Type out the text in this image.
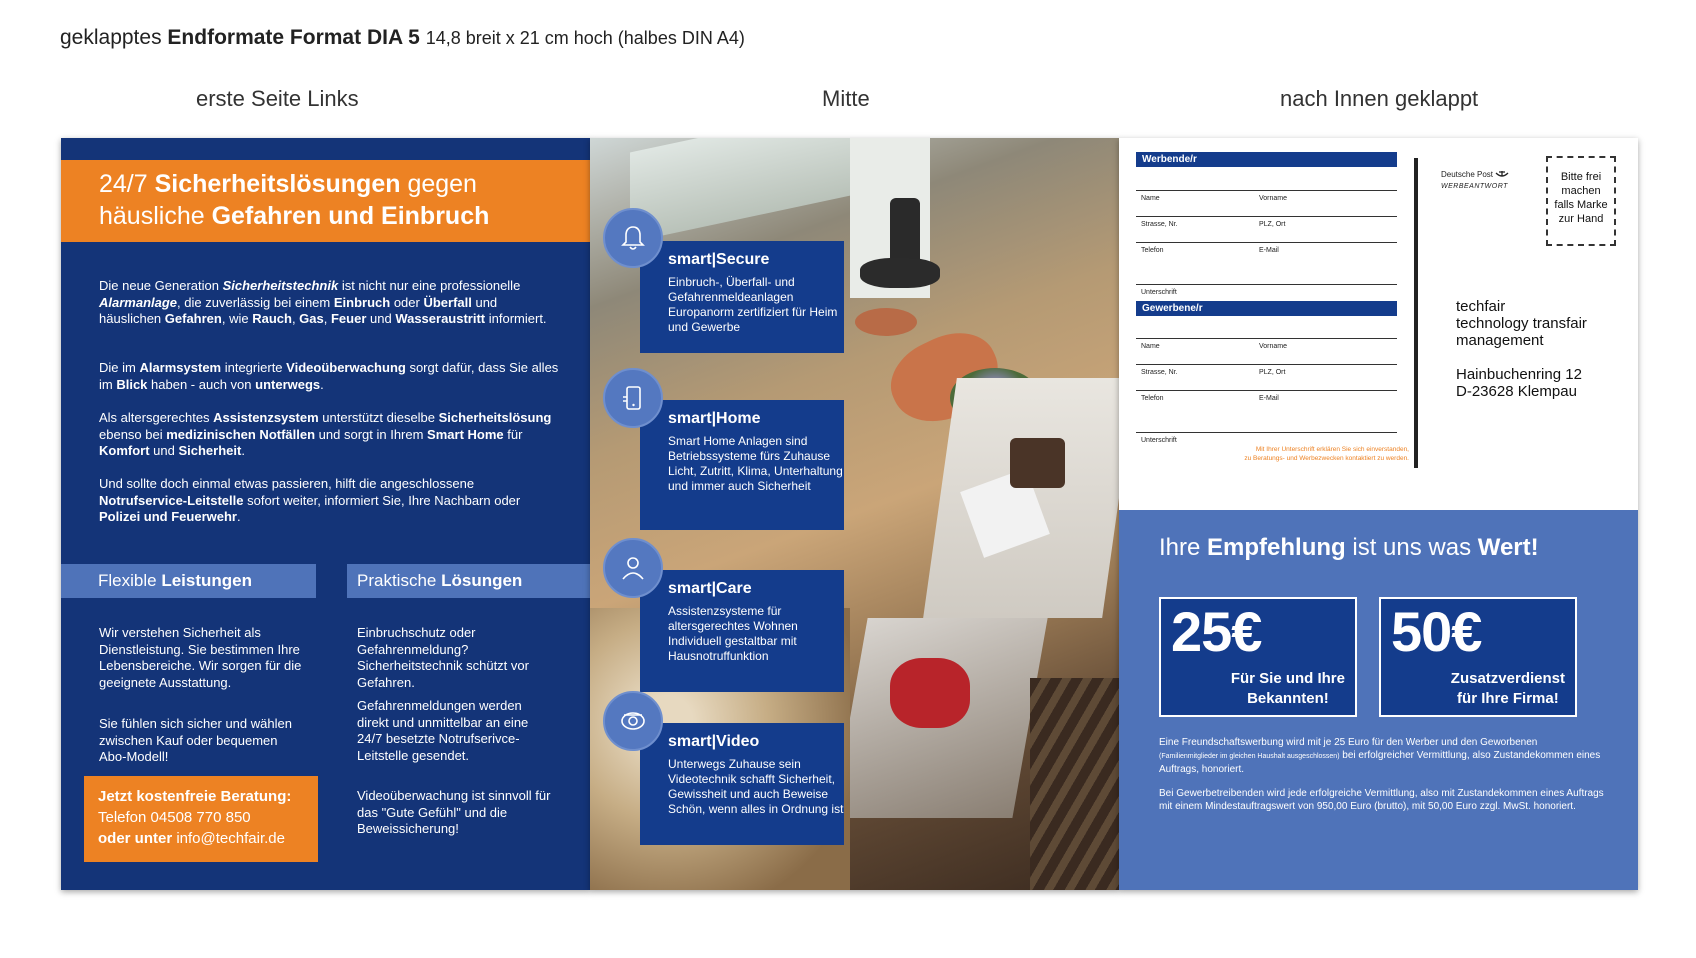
geklapptes Endformate Format DIA 5 14,8 breit x 21 cm hoch (halbes DIN A4)
erste Seite Links	Mitte	nach Innen geklappt
24/7 Sicherheitslösungen gegen
häusliche Gefahren und Einbruch
Die neue Generation Sicherheitstechnik ist nicht nur eine professionelle Alarmanlage, die zuverlässig bei einem Einbruch oder Überfall und häuslichen Gefahren, wie Rauch, Gas, Feuer und Wasseraustritt informiert.
Die im Alarmsystem integrierte Videoüberwachung sorgt dafür, dass Sie alles im Blick haben - auch von unterwegs.
Als altersgerechtes Assistenzsystem unterstützt dieselbe Sicherheitslösung ebenso bei medizinischen Notfällen und sorgt in Ihrem Smart Home für Komfort und Sicherheit.
Und sollte doch einmal etwas passieren, hilft die angeschlossene Notrufservice-Leitstelle sofort weiter, informiert Sie, Ihre Nachbarn oder Polizei und Feuerwehr.
Flexible Leistungen	Praktische Lösungen
Wir verstehen Sicherheit als Dienstleistung. Sie bestimmen Ihre Lebensbereiche. Wir sorgen für die geeignete Ausstattung.
Sie fühlen sich sicher und wählen zwischen Kauf oder bequemen Abo-Modell!
Einbruchschutz oder Gefahrenmeldung? Sicherheitstechnik schützt vor Gefahren.
Gefahrenmeldungen werden direkt und unmittelbar an eine 24/7 besetzte Notrufserivce-Leitstelle gesendet.
Videoüberwachung ist sinnvoll für das "Gute Gefühl" und die Beweissicherung!
Jetzt kostenfreie Beratung:
Telefon 04508 770 850
oder unter info@techfair.de
smart|Secure
Einbruch-, Überfall- und Gefahrenmeldeanlagen Europanorm zertifiziert für Heim und Gewerbe
smart|Home
Smart Home Anlagen sind Betriebssysteme fürs Zuhause Licht, Zutritt, Klima, Unterhaltung und immer auch Sicherheit
smart|Care
Assistenzsysteme für altersgerechtes Wohnen Individuell gestaltbar mit Hausnotruffunktion
smart|Video
Unterwegs Zuhause sein Videotechnik schafft Sicherheit, Gewissheit und auch Beweise Schön, wenn alles in Ordnung ist
Werbende/r
Name	Vorname
Strasse, Nr.	PLZ, Ort
Telefon	E-Mail
Unterschrift
Gewerbene/r
Name	Vorname
Strasse, Nr.	PLZ, Ort
Telefon	E-Mail
Unterschrift
Mit Ihrer Unterschrift erklären Sie sich einverstanden,
zu Beratungs- und Werbezwecken kontaktiert zu werden.
Deutsche Post
WERBEANTWORT
Bitte frei
machen
falls Marke
zur Hand
techfair
technology transfair
management
Hainbuchenring 12
D-23628 Klempau
Ihre Empfehlung ist uns was Wert!
25€
Für Sie und Ihre
Bekannten!
50€
Zusatzverdienst
für Ihre Firma!
Eine Freundschaftswerbung wird mit je 25 Euro für den Werber und den Geworbenen
(Familienmitglieder im gleichen Haushalt ausgeschlossen) bei erfolgreicher Vermittlung, also Zustandekommen eines Auftrags, honoriert.
Bei Gewerbetreibenden wird jede erfolgreiche Vermittlung, also mit Zustandekommen eines Auftrags mit einem Mindestauftragswert von 950,00 Euro (brutto), mit 50,00 Euro zzgl. MwSt. honoriert.
